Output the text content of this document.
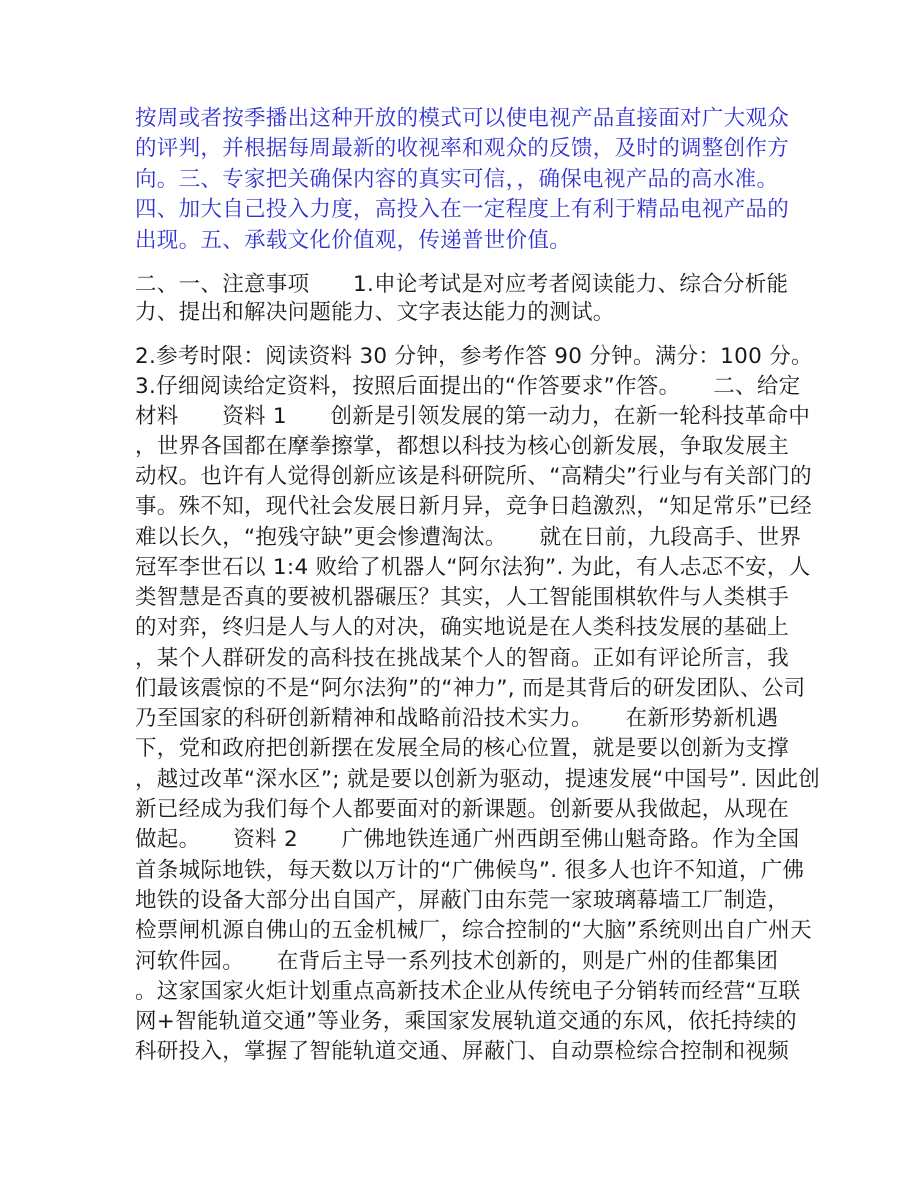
按周或者按季播出这种开放的模式可以使电视产品直接面对广大观众
的评判，并根据每周最新的收视率和观众的反馈，及时的调整创作方
向。三、专家把关确保内容的真实可信，，确保电视产品的高水准。
四、加大自己投入力度，高投入在一定程度上有利于精品电视产品的
出现。五、承载文化价值观，传递普世价值。
二、一、注意事项　　1.申论考试是对应考者阅读能力、综合分析能
力、提出和解决问题能力、文字表达能力的测试。
2.参考时限：阅读资料 30 分钟，参考作答 90 分钟。满分：100 分。
3.仔细阅读给定资料，按照后面提出的“作答要求”作答。　　二、给定
材料　　资料 1　　创新是引领发展的第一动力，在新一轮科技革命中
，世界各国都在摩拳擦掌，都想以科技为核心创新发展，争取发展主
动权。也许有人觉得创新应该是科研院所、“高精尖”行业与有关部门的
事。殊不知，现代社会发展日新月异，竞争日趋激烈，“知足常乐”已经
难以长久，“抱残守缺”更会惨遭淘汰。　　就在日前，九段高手、世界
冠军李世石以 1:4 败给了机器人“阿尔法狗”. 为此，有人忐忑不安，人
类智慧是否真的要被机器碾压？其实，人工智能围棋软件与人类棋手
的对弈，终归是人与人的对决，确实地说是在人类科技发展的基础上
，某个人群研发的高科技在挑战某个人的智商。正如有评论所言，我
们最该震惊的不是“阿尔法狗”的“神力”, 而是其背后的研发团队、公司
乃至国家的科研创新精神和战略前沿技术实力。　　在新形势新机遇
下，党和政府把创新摆在发展全局的核心位置，就是要以创新为支撑
，越过改革“深水区”; 就是要以创新为驱动，提速发展“中国号”. 因此创
新已经成为我们每个人都要面对的新课题。创新要从我做起，从现在
做起。　　资料 2　　广佛地铁连通广州西朗至佛山魁奇路。作为全国
首条城际地铁，每天数以万计的“广佛候鸟”. 很多人也许不知道，广佛
地铁的设备大部分出自国产，屏蔽门由东莞一家玻璃幕墙工厂制造，
检票闸机源自佛山的五金机械厂，综合控制的“大脑”系统则出自广州天
河软件园。　　在背后主导一系列技术创新的，则是广州的佳都集团
。这家国家火炬计划重点高新技术企业从传统电子分销转而经营“互联
网+智能轨道交通”等业务，乘国家发展轨道交通的东风，依托持续的
科研投入，掌握了智能轨道交通、屏蔽门、自动票检综合控制和视频
